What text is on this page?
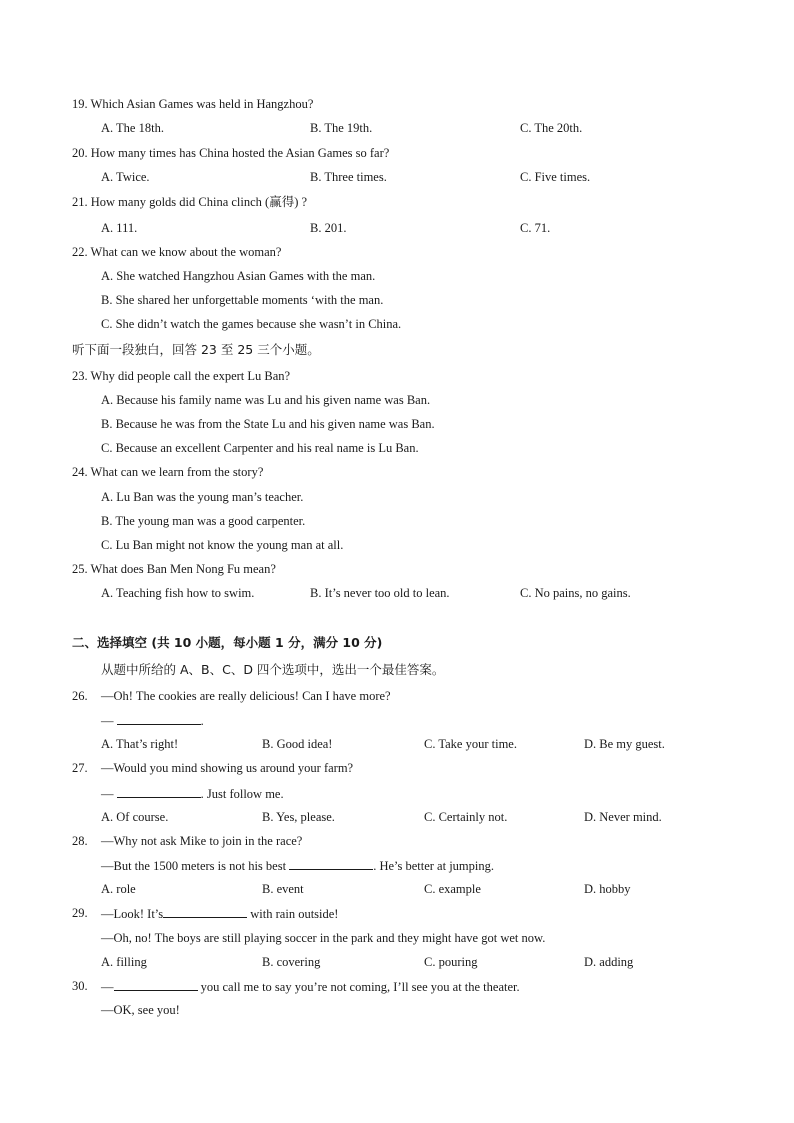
19. Which Asian Games was held in Hangzhou?
A. The 18th.	B. The 19th.	C. The 20th.
20. How many times has China hosted the Asian Games so far?
A. Twice.	B. Three times.	C. Five times.
21. How many golds did China clinch (赢得) ?
A. 111.	B. 201.	C. 71.
22. What can we know about the woman?
A. She watched Hangzhou Asian Games with the man.
B. She shared her unforgettable moments ‘with the man.
C. She didn’t watch the games because she wasn’t in China.
听下面一段独白，回答 23 至 25 三个小题。
23. Why did people call the expert Lu Ban?
A. Because his family name was Lu and his given name was Ban.
B. Because he was from the State Lu and his given name was Ban.
C. Because an excellent Carpenter and his real name is Lu Ban.
24. What can we learn from the story?
A. Lu Ban was the young man’s teacher.
B. The young man was a good carpenter.
C. Lu Ban might not know the young man at all.
25. What does Ban Men Nong Fu mean?
A. Teaching fish how to swim.	B. It’s never too old to lean.	C. No pains, no gains.
二、选择填空 (共 10 小题，每小题 1 分，满分 10 分)
从题中所给的 A、B、C、D 四个选项中，选出一个最佳答案。
26. —Oh! The cookies are really delicious! Can I have more?
—	.
A. That’s right!	B. Good idea!	C. Take your time.	D. Be my guest.
27. —Would you mind showing us around your farm?
—	. Just follow me.
A. Of course.	B. Yes, please.	C. Certainly not.	D. Never mind.
28. —Why not ask Mike to join in the race?
—But the 1500 meters is not his best	. He’s better at jumping.
A. role	B. event	C. example	D. hobby
29. —Look! It’s	with rain outside!
—Oh, no! The boys are still playing soccer in the park and they might have got wet now.
A. filling	B. covering	C. pouring	D. adding
30. —	you call me to say you’re not coming, I’ll see you at the theater.
—OK, see you!
